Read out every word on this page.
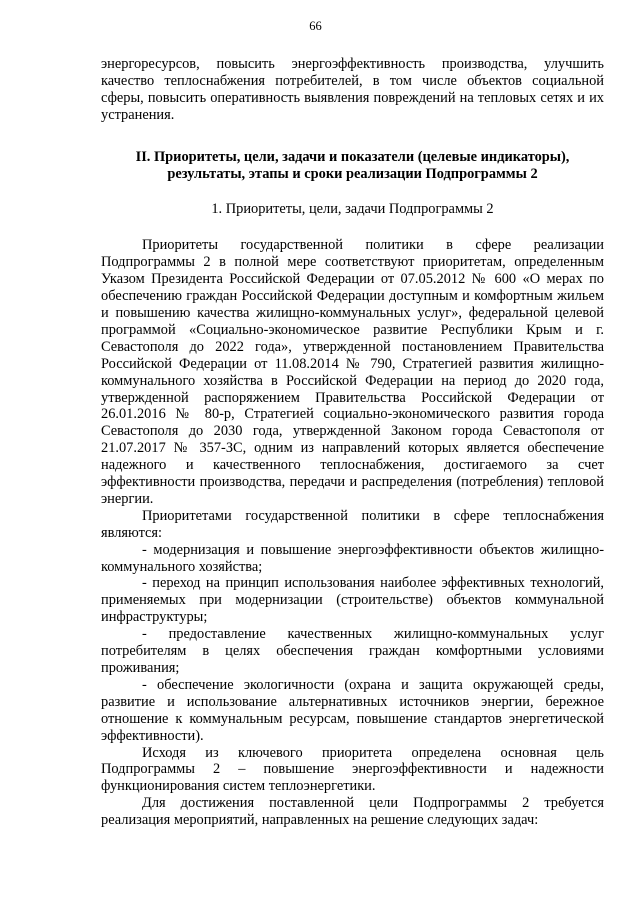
66

энергоресурсов, повысить энергоэффективность производства, улучшить качество теплоснабжения потребителей, в том числе объектов социальной сферы, повысить оперативность выявления повреждений на тепловых сетях и их устранения.

II. Приоритеты, цели, задачи и показатели (целевые индикаторы), результаты, этапы и сроки реализации Подпрограммы 2
1. Приоритеты, цели, задачи Подпрограммы 2

Приоритеты государственной политики в сфере реализации Подпрограммы 2 в полной мере соответствуют приоритетам, определенным Указом Президента Российской Федерации от 07.05.2012 № 600 «О мерах по обеспечению граждан Российской Федерации доступным и комфортным жильем и повышению качества жилищно-коммунальных услуг», федеральной целевой программой «Социально-экономическое развитие Республики Крым и г. Севастополя до 2022 года», утвержденной постановлением Правительства Российской Федерации от 11.08.2014 № 790, Стратегией развития жилищно-коммунального хозяйства в Российской Федерации на период до 2020 года, утвержденной распоряжением Правительства Российской Федерации от 26.01.2016 № 80-р, Стратегией социально-экономического развития города Севастополя до 2030 года, утвержденной Законом города Севастополя от 21.07.2017 № 357-ЗС, одним из направлений которых является обеспечение надежного и качественного теплоснабжения, достигаемого за счет эффективности производства, передачи и распределения (потребления) тепловой энергии.

Приоритетами государственной политики в сфере теплоснабжения являются:

- модернизация и повышение энергоэффективности объектов жилищно-коммунального хозяйства;

- переход на принцип использования наиболее эффективных технологий, применяемых при модернизации (строительстве) объектов коммунальной инфраструктуры;

- предоставление качественных жилищно-коммунальных услуг потребителям в целях обеспечения граждан комфортными условиями проживания;

- обеспечение экологичности (охрана и защита окружающей среды, развитие и использование альтернативных источников энергии, бережное отношение к коммунальным ресурсам, повышение стандартов энергетической эффективности).

Исходя из ключевого приоритета определена основная цель Подпрограммы 2 – повышение энергоэффективности и надежности функционирования систем теплоэнергетики.

Для достижения поставленной цели Подпрограммы 2 требуется реализация мероприятий, направленных на решение следующих задач:
